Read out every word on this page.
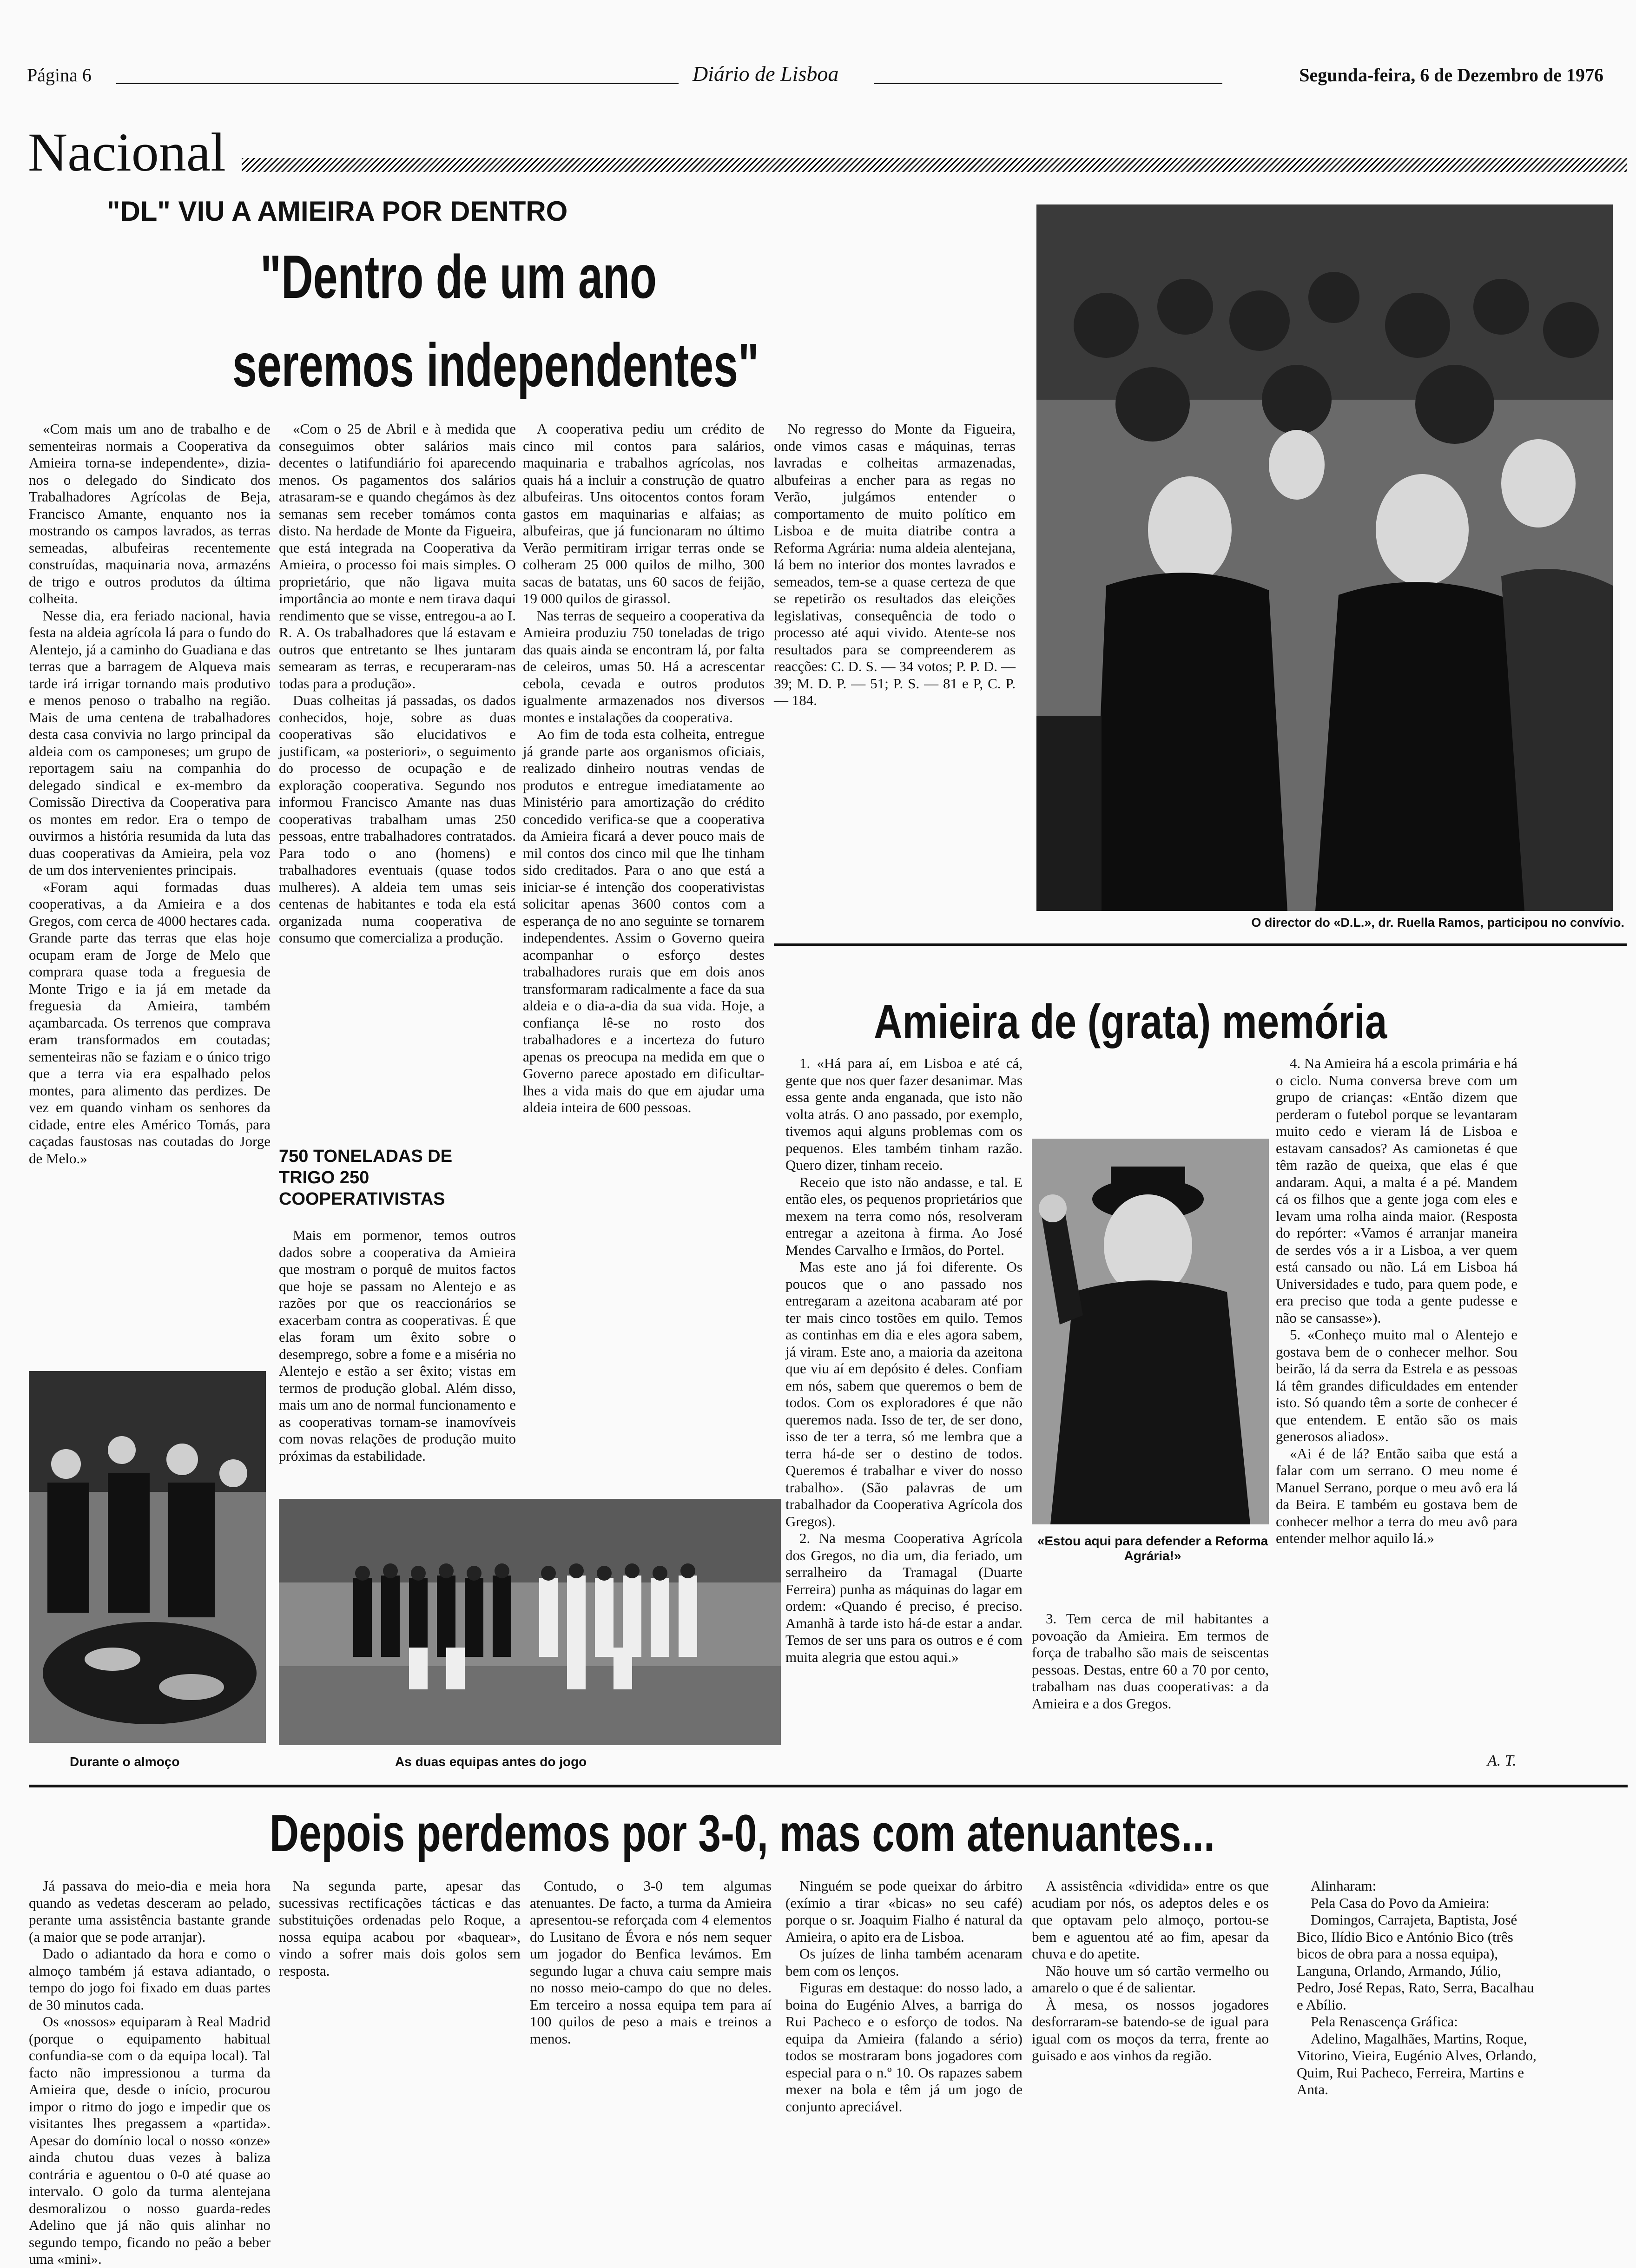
Página 6	Diário de Lisboa	Segunda-feira, 6 de Dezembro de 1976
Nacional
"DL" VIU A AMIEIRA POR DENTRO
"Dentro de um ano
seremos independentes"

«Com mais um ano de trabalho e de sementeiras normais a Cooperativa da Amieira torna-se independente», dizia-nos o delegado do Sindicato dos Trabalhadores Agrícolas de Beja, Francisco Amante, enquanto nos ia mostrando os campos lavrados, as terras semeadas, albufeiras recentemente construídas, maquinaria nova, armazéns de trigo e outros produtos da última colheita.

Nesse dia, era feriado nacional, havia festa na aldeia agrícola lá para o fundo do Alentejo, já a caminho do Guadiana e das terras que a barragem de Alqueva mais tarde irá irrigar tornando mais produtivo e menos penoso o trabalho na região. Mais de uma centena de trabalhadores desta casa convivia no largo principal da aldeia com os camponeses; um grupo de reportagem saiu na companhia do delegado sindical e ex-membro da Comissão Directiva da Cooperativa para os montes em redor. Era o tempo de ouvirmos a história resumida da luta das duas cooperativas da Amieira, pela voz de um dos intervenientes principais.

«Foram aqui formadas duas cooperativas, a da Amieira e a dos Gregos, com cerca de 4000 hectares cada. Grande parte das terras que elas hoje ocupam eram de Jorge de Melo que comprara quase toda a freguesia de Monte Trigo e ia já em metade da freguesia da Amieira, também açambarcada. Os terrenos que comprava eram transformados em coutadas; sementeiras não se faziam e o único trigo que a terra via era espalhado pelos montes, para alimento das perdizes. De vez em quando vinham os senhores da cidade, entre eles Américo Tomás, para caçadas faustosas nas coutadas do Jorge de Melo.»

«Com o 25 de Abril e à medida que conseguimos obter salários mais decentes o latifundiário foi aparecendo menos. Os pagamentos dos salários atrasaram-se e quando chegámos às dez semanas sem receber tomámos conta disto. Na herdade de Monte da Figueira, que está integrada na Cooperativa da Amieira, o processo foi mais simples. O proprietário, que não ligava muita importância ao monte e nem tirava daqui rendimento que se visse, entregou-a ao I. R. A. Os trabalhadores que lá estavam e outros que entretanto se lhes juntaram semearam as terras, e recuperaram-nas todas para a produção».

Duas colheitas já passadas, os dados conhecidos, hoje, sobre as duas cooperativas são elucidativos e justificam, «a posteriori», o seguimento do processo de ocupação e de exploração cooperativa. Segundo nos informou Francisco Amante nas duas cooperativas trabalham umas 250 pessoas, entre trabalhadores contratados. Para todo o ano (homens) e trabalhadores eventuais (quase todos mulheres). A aldeia tem umas seis centenas de habitantes e toda ela está organizada numa cooperativa de consumo que comercializa a produção.

750 TONELADAS DE TRIGO 250 COOPERATIVISTAS

Mais em pormenor, temos outros dados sobre a cooperativa da Amieira que mostram o porquê de muitos factos que hoje se passam no Alentejo e as razões por que os reaccionários se exacerbam contra as cooperativas. É que elas foram um êxito sobre o desemprego, sobre a fome e a miséria no Alentejo e estão a ser êxito; vistas em termos de produção global. Além disso, mais um ano de normal funcionamento e as cooperativas tornam-se inamovíveis com novas relações de produção muito próximas da estabilidade.

A cooperativa pediu um crédito de cinco mil contos para salários, maquinaria e trabalhos agrícolas, nos quais há a incluir a construção de quatro albufeiras. Uns oitocentos contos foram gastos em maquinarias e alfaias; as albufeiras, que já funcionaram no último Verão permitiram irrigar terras onde se colheram 25 000 quilos de milho, 300 sacas de batatas, uns 60 sacos de feijão, 19 000 quilos de girassol.

Nas terras de sequeiro a cooperativa da Amieira produziu 750 toneladas de trigo das quais ainda se encontram lá, por falta de celeiros, umas 50. Há a acrescentar cebola, cevada e outros produtos igualmente armazenados nos diversos montes e instalações da cooperativa.

Ao fim de toda esta colheita, entregue já grande parte aos organismos oficiais, realizado dinheiro noutras vendas de produtos e entregue imediatamente ao Ministério para amortização do crédito concedido verifica-se que a cooperativa da Amieira ficará a dever pouco mais de mil contos dos cinco mil que lhe tinham sido creditados. Para o ano que está a iniciar-se é intenção dos cooperativistas solicitar apenas 3600 contos com a esperança de no ano seguinte se tornarem independentes. Assim o Governo queira acompanhar o esforço destes trabalhadores rurais que em dois anos transformaram radicalmente a face da sua aldeia e o dia-a-dia da sua vida. Hoje, a confiança lê-se no rosto dos trabalhadores e a incerteza do futuro apenas os preocupa na medida em que o Governo parece apostado em dificultar-lhes a vida mais do que em ajudar uma aldeia inteira de 600 pessoas.

No regresso do Monte da Figueira, onde vimos casas e máquinas, terras lavradas e colheitas armazenadas, albufeiras a encher para as regas no Verão, julgámos entender o comportamento de muito político em Lisboa e de muita diatribe contra a Reforma Agrária: numa aldeia alentejana, lá bem no interior dos montes lavrados e semeados, tem-se a quase certeza de que se repetirão os resultados das eleições legislativas, consequência de todo o processo até aqui vivido. Atente-se nos resultados para se compreenderem as reacções: C. D. S. — 34 votos; P. P. D. — 39; M. D. P. — 51; P. S. — 81 e P, C. P. — 184.

O director do «D.L.», dr. Ruella Ramos, participou no convívio.
Durante o almoço	As duas equipas antes do jogo
Amieira de (grata) memória

1. «Há para aí, em Lisboa e até cá, gente que nos quer fazer desanimar. Mas essa gente anda enganada, que isto não volta atrás. O ano passado, por exemplo, tivemos aqui alguns problemas com os pequenos. Eles também tinham razão. Quero dizer, tinham receio.

Receio que isto não andasse, e tal. E então eles, os pequenos proprietários que mexem na terra como nós, resolveram entregar a azeitona à firma. Ao José Mendes Carvalho e Irmãos, do Portel.

Mas este ano já foi diferente. Os poucos que o ano passado nos entregaram a azeitona acabaram até por ter mais cinco tostões em quilo. Temos as continhas em dia e eles agora sabem, já viram. Este ano, a maioria da azeitona que viu aí em depósito é deles. Confiam em nós, sabem que queremos o bem de todos. Com os exploradores é que não queremos nada. Isso de ter, de ser dono, isso de ter a terra, só me lembra que a terra há-de ser o destino de todos. Queremos é trabalhar e viver do nosso trabalho». (São palavras de um trabalhador da Cooperativa Agrícola dos Gregos).

2. Na mesma Cooperativa Agrícola dos Gregos, no dia um, dia feriado, um serralheiro da Tramagal (Duarte Ferreira) punha as máquinas do lagar em ordem: «Quando é preciso, é preciso. Amanhã à tarde isto há-de estar a andar. Temos de ser uns para os outros e é com muita alegria que estou aqui.»

«Estou aqui para defender a Reforma Agrária!»

3. Tem cerca de mil habitantes a povoação da Amieira. Em termos de força de trabalho são mais de seiscentas pessoas. Destas, entre 60 a 70 por cento, trabalham nas duas cooperativas: a da Amieira e a dos Gregos.

4. Na Amieira há a escola primária e há o ciclo. Numa conversa breve com um grupo de crianças: «Então dizem que perderam o futebol porque se levantaram muito cedo e vieram lá de Lisboa e estavam cansados? As camionetas é que têm razão de queixa, que elas é que andaram. Aqui, a malta é a pé. Mandem cá os filhos que a gente joga com eles e levam uma rolha ainda maior. (Resposta do repórter: «Vamos é arranjar maneira de serdes vós a ir a Lisboa, a ver quem está cansado ou não. Lá em Lisboa há Universidades e tudo, para quem pode, e era preciso que toda a gente pudesse e não se cansasse»).

5. «Conheço muito mal o Alentejo e gostava bem de o conhecer melhor. Sou beirão, lá da serra da Estrela e as pessoas lá têm grandes dificuldades em entender isto. Só quando têm a sorte de conhecer é que entendem. E então são os mais generosos aliados».

«Ai é de lá? Então saiba que está a falar com um serrano. O meu nome é Manuel Serrano, porque o meu avô era lá da Beira. E também eu gostava bem de conhecer melhor a terra do meu avô para entender melhor aquilo lá.»

A. T.
Depois perdemos por 3-0, mas com atenuantes...

Já passava do meio-dia e meia hora quando as vedetas desceram ao pelado, perante uma assistência bastante grande (a maior que se pode arranjar).

Dado o adiantado da hora e como o almoço também já estava adiantado, o tempo do jogo foi fixado em duas partes de 30 minutos cada.

Os «nossos» equiparam à Real Madrid (porque o equipamento habitual confundia-se com o da equipa local). Tal facto não impressionou a turma da Amieira que, desde o início, procurou impor o ritmo do jogo e impedir que os visitantes lhes pregassem a «partida». Apesar do domínio local o nosso «onze» ainda chutou duas vezes à baliza contrária e aguentou o 0-0 até quase ao intervalo. O golo da turma alentejana desmoralizou o nosso guarda-redes Adelino que já não quis alinhar no segundo tempo, ficando no peão a beber uma «mini».

Na segunda parte, apesar das sucessivas rectificações tácticas e das substituições ordenadas pelo Roque, a nossa equipa acabou por «baquear», vindo a sofrer mais dois golos sem resposta.

Contudo, o 3-0 tem algumas atenuantes. De facto, a turma da Amieira apresentou-se reforçada com 4 elementos do Lusitano de Évora e nós nem sequer um jogador do Benfica levámos. Em segundo lugar a chuva caiu sempre mais no nosso meio-campo do que no deles. Em terceiro a nossa equipa tem para aí 100 quilos de peso a mais e treinos a menos.

Ninguém se pode queixar do árbitro (exímio a tirar «bicas» no seu café) porque o sr. Joaquim Fialho é natural da Amieira, o apito era de Lisboa.

Os juízes de linha também acenaram bem com os lenços.

Figuras em destaque: do nosso lado, a boina do Eugénio Alves, a barriga do Rui Pacheco e o esforço de todos. Na equipa da Amieira (falando a sério) todos se mostraram bons jogadores com especial para o n.º 10. Os rapazes sabem mexer na bola e têm já um jogo de conjunto apreciável.

A assistência «dividida» entre os que acudiam por nós, os adeptos deles e os que optavam pelo almoço, portou-se bem e aguentou até ao fim, apesar da chuva e do apetite.

Não houve um só cartão vermelho ou amarelo o que é de salientar.

À mesa, os nossos jogadores desforraram-se batendo-se de igual para igual com os moços da terra, frente ao guisado e aos vinhos da região.

Alinharam:

Pela Casa do Povo da Amieira:

Domingos, Carrajeta, Baptista, José Bico, Ilídio Bico e António Bico (três bicos de obra para a nossa equipa), Languna, Orlando, Armando, Júlio, Pedro, José Repas, Rato, Serra, Bacalhau e Abílio.

Pela Renascença Gráfica:

Adelino, Magalhães, Martins, Roque, Vitorino, Vieira, Eugénio Alves, Orlando, Quim, Rui Pacheco, Ferreira, Martins e Anta.
